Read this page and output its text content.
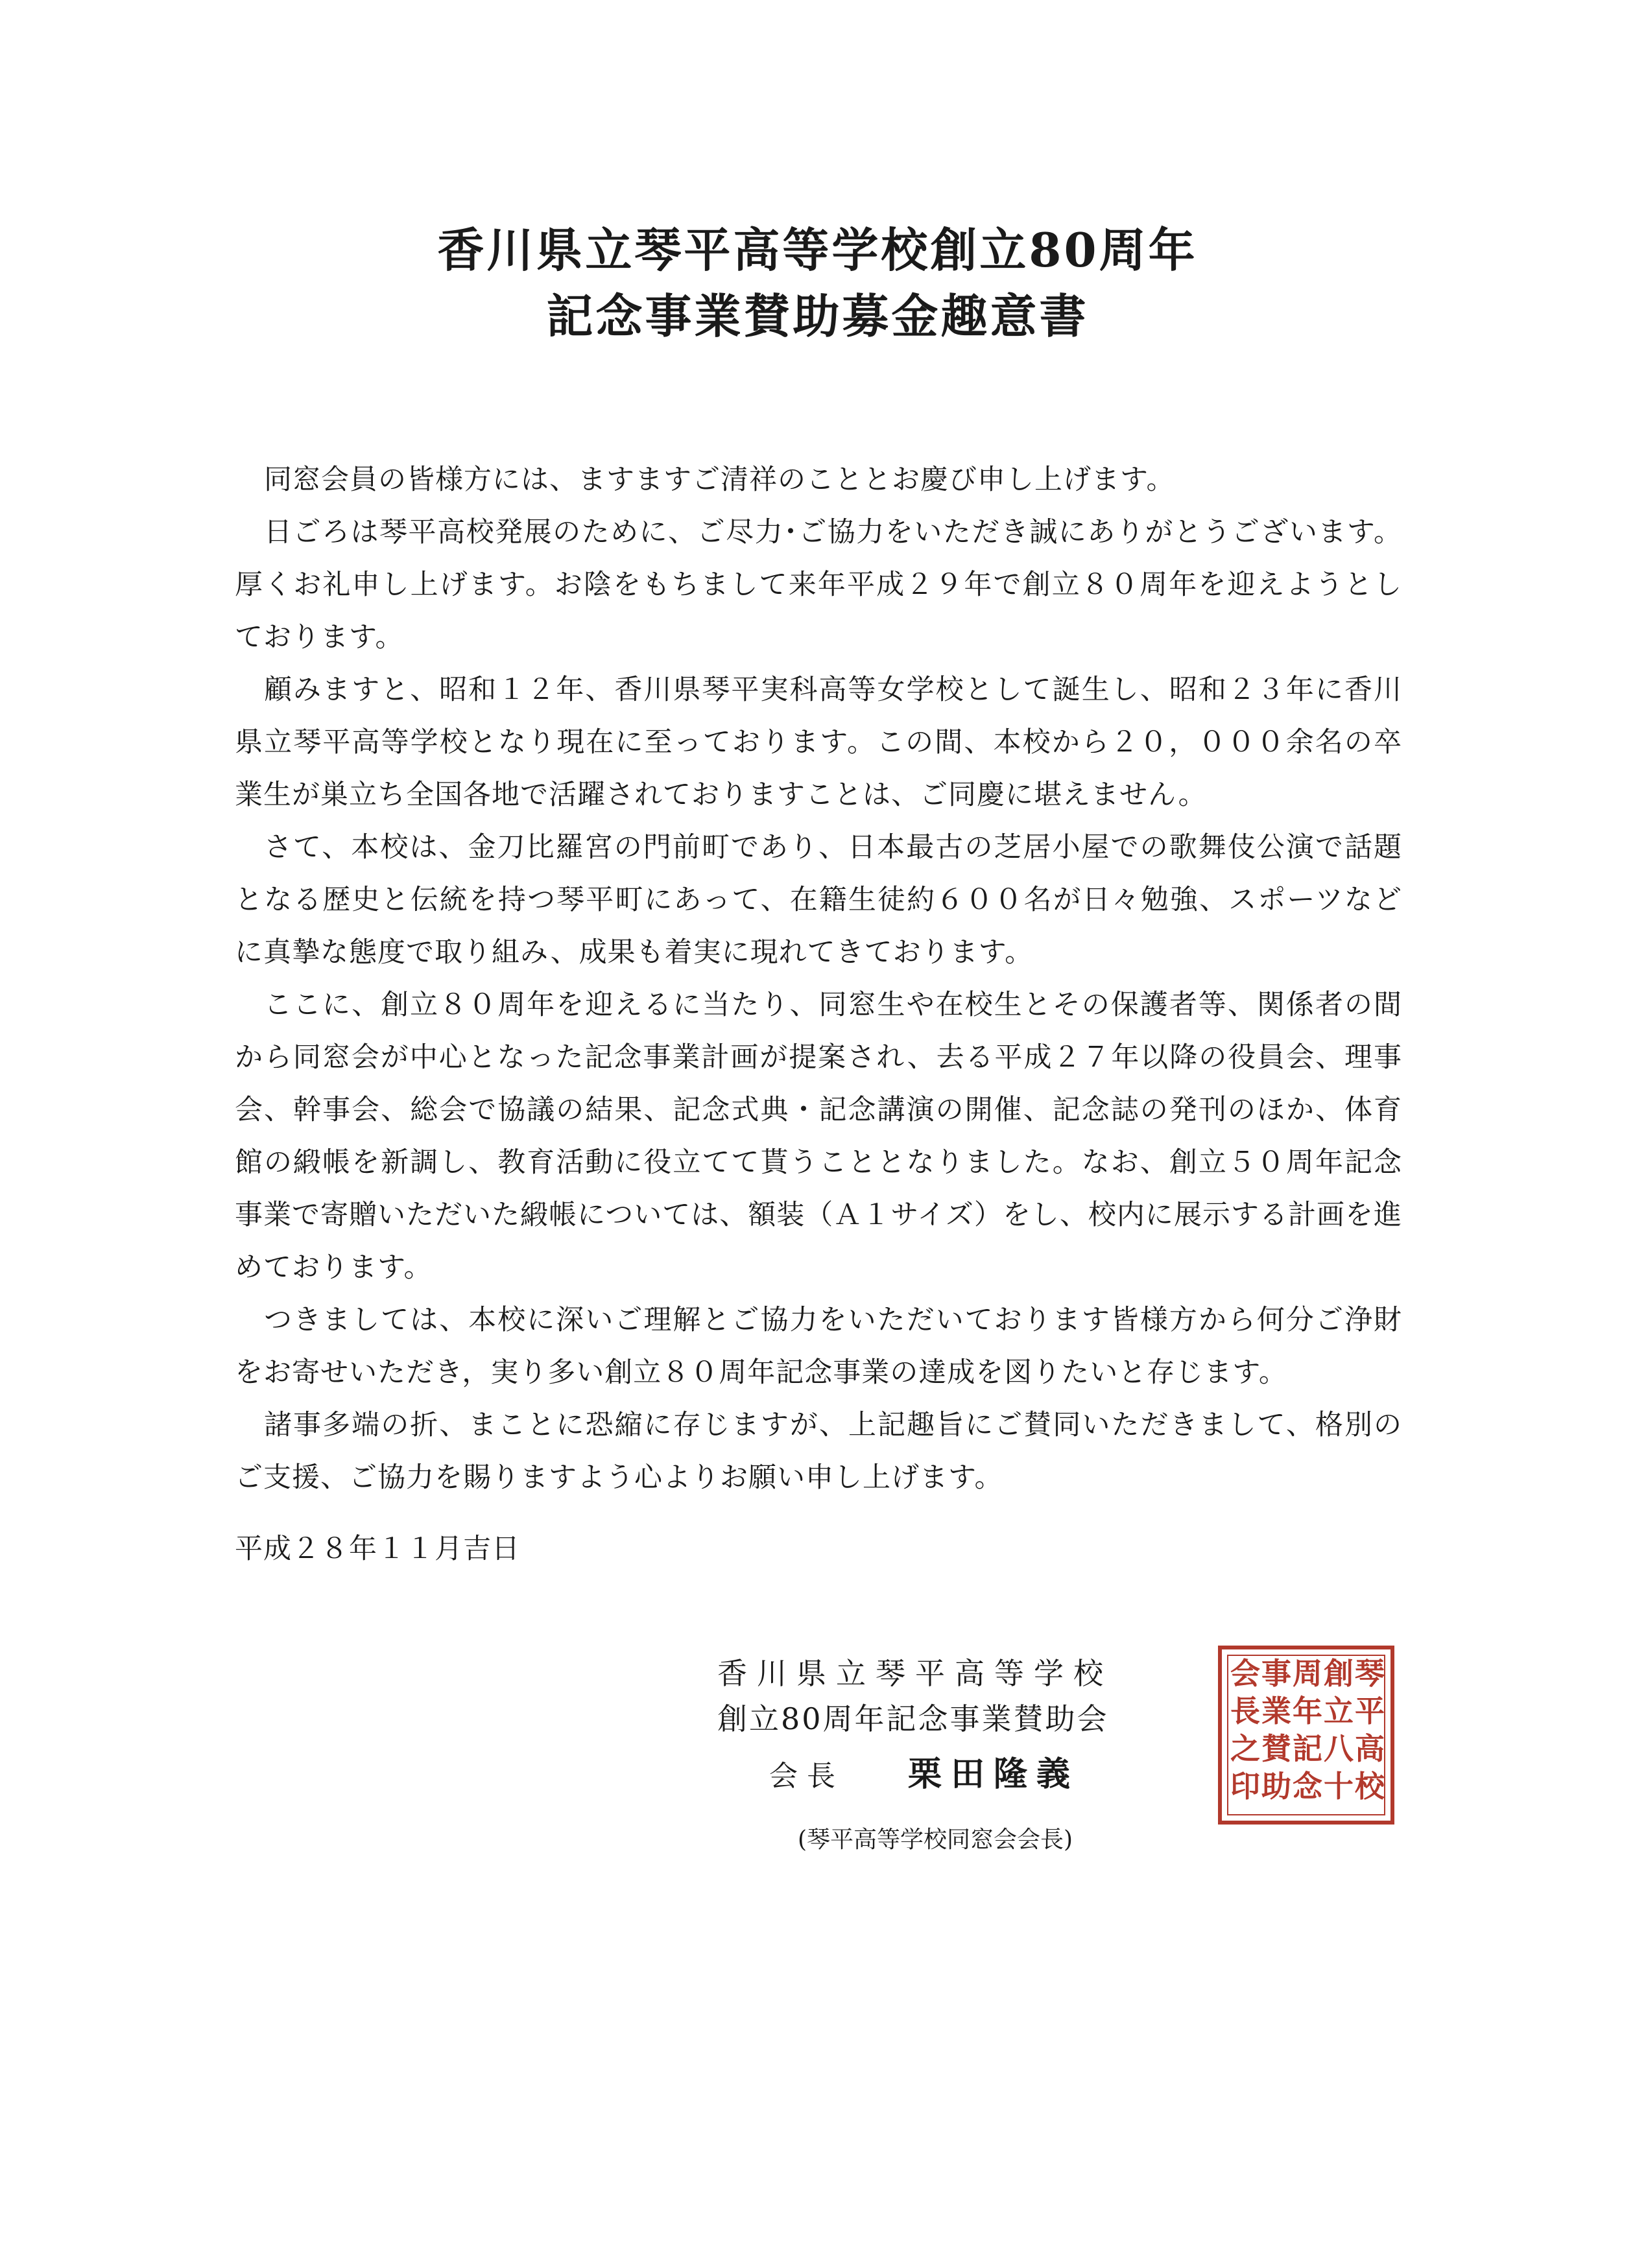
香川県立琴平高等学校創立80周年
記念事業賛助募金趣意書

同窓会員の皆様方には、ますますご清祥のこととお慶び申し上げます。

日ごろは琴平高校発展のために、ご尽力･ご協力をいただき誠にありがとうございます。厚くお礼申し上げます。お陰をもちまして来年平成２９年で創立８０周年を迎えようとしております。

顧みますと、昭和１２年、香川県琴平実科高等女学校として誕生し、昭和２３年に香川県立琴平高等学校となり現在に至っております。この間、本校から２０，０００余名の卒業生が巣立ち全国各地で活躍されておりますことは、ご同慶に堪えません。

さて、本校は、金刀比羅宮の門前町であり、日本最古の芝居小屋での歌舞伎公演で話題となる歴史と伝統を持つ琴平町にあって、在籍生徒約６００名が日々勉強、スポーツなどに真摯な態度で取り組み、成果も着実に現れてきております。

ここに、創立８０周年を迎えるに当たり、同窓生や在校生とその保護者等、関係者の間から同窓会が中心となった記念事業計画が提案され、去る平成２７年以降の役員会、理事会、幹事会、総会で協議の結果、記念式典・記念講演の開催、記念誌の発刊のほか、体育館の緞帳を新調し、教育活動に役立てて貰うこととなりました。なお、創立５０周年記念事業で寄贈いただいた緞帳については、額装（Ａ１サイズ）をし、校内に展示する計画を進めております。

つきましては、本校に深いご理解とご協力をいただいております皆様方から何分ご浄財をお寄せいただき，実り多い創立８０周年記念事業の達成を図りたいと存じます。

諸事多端の折、まことに恐縮に存じますが、上記趣旨にご賛同いただきまして、格別のご支援、ご協力を賜りますよう心よりお願い申し上げます。

平成２８年１１月吉日
香川県立琴平高等学校
創立80周年記念事業賛助会
会長 栗田隆義
(琴平高等学校同窓会会長)
琴
平
高
校
創
立
八
十
周
年
記
念
事
業
賛
助
会
長
之
印
